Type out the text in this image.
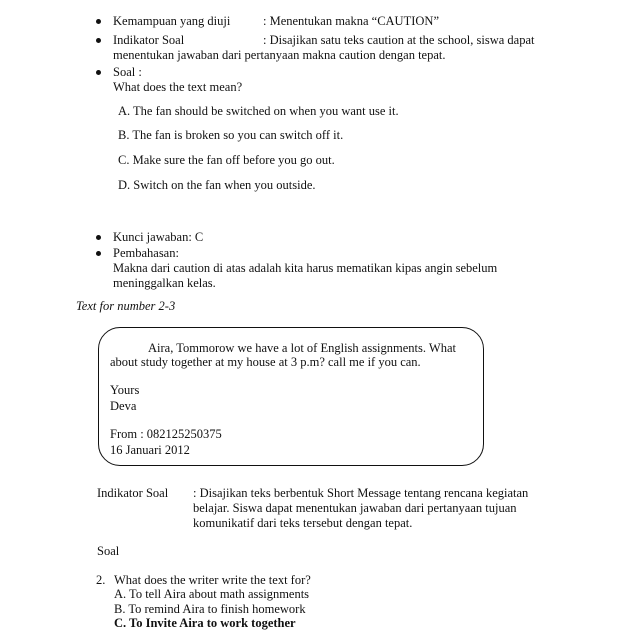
Kemampuan yang diuji	: Menentukan makna “CAUTION”
Indikator Soal	: Disajikan satu teks caution at the school, siswa dapat
menentukan jawaban dari pertanyaan makna caution dengan tepat.
Soal :
What does the text mean?
A. The fan should be switched on when you want use it.
B. The fan is broken so you can switch off it.
C. Make sure the fan off before you go out.
D. Switch on the fan when you outside.
Kunci jawaban: C
Pembahasan:
Makna dari caution di atas adalah kita harus mematikan kipas angin sebelum
meninggalkan kelas.
Text for number 2-3
Aira, Tommorow we have a lot of English assignments. What
about study together at my house at 3 p.m? call me if you can.
Yours
Deva
From : 082125250375
16 Januari 2012
Indikator Soal : Disajikan teks berbentuk Short Message tentang rencana kegiatan
belajar. Siswa dapat menentukan jawaban dari pertanyaan tujuan
komunikatif dari teks tersebut dengan tepat.
Soal
2. What does the writer write the text for?
A. To tell Aira about math assignments
B. To remind Aira to finish homework
C. To Invite Aira to work together
